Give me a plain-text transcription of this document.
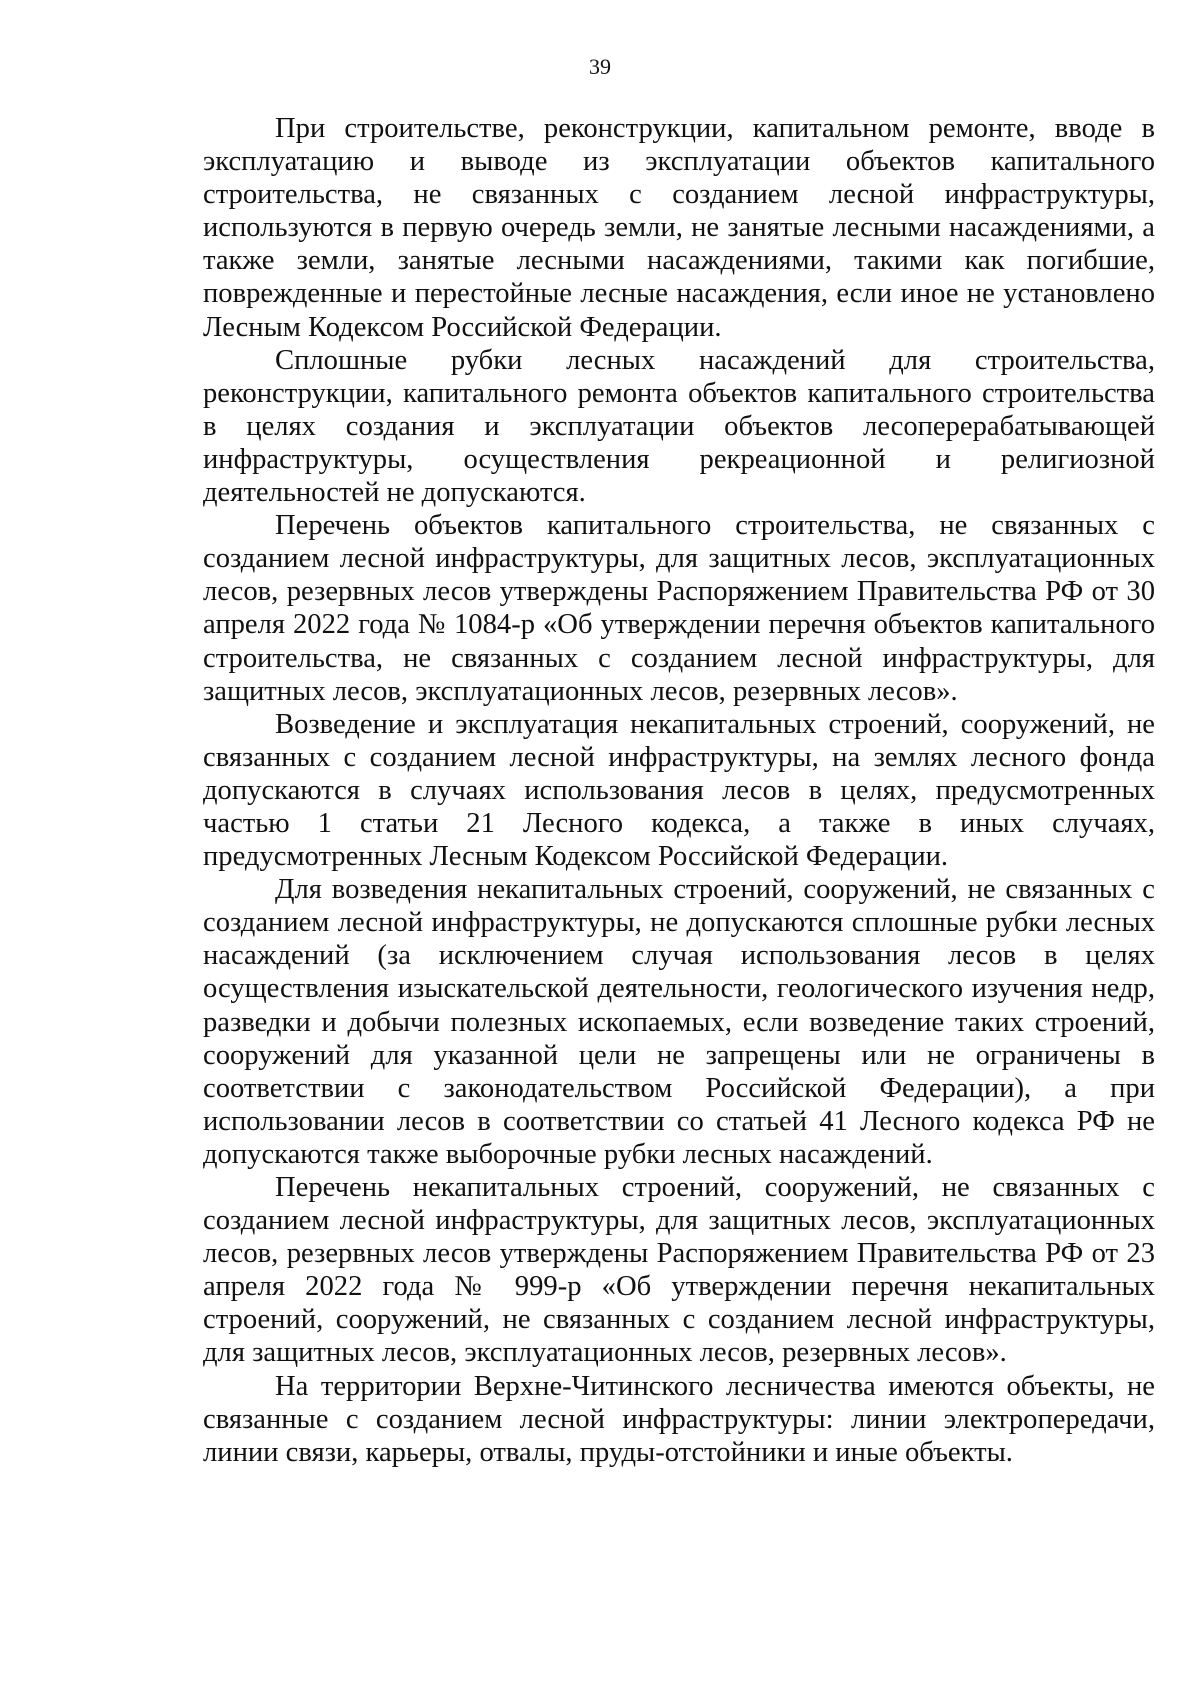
39

При строительстве, реконструкции, капитальном ремонте, вводе в эксплуатацию и выводе из эксплуатации объектов капитального строительства, не связанных с созданием лесной инфраструктуры, используются в первую очередь земли, не занятые лесными насаждениями, а также земли, занятые лесными насаждениями, такими как погибшие, поврежденные и перестойные лесные насаждения, если иное не установлено Лесным Кодексом Российской Федерации.

Сплошные рубки лесных насаждений для строительства, реконструкции, капитального ремонта объектов капитального строительства в целях создания и эксплуатации объектов лесоперерабатывающей инфраструктуры, осуществления рекреационной и религиозной деятельностей не допускаются.

Перечень объектов капитального строительства, не связанных с созданием лесной инфраструктуры, для защитных лесов, эксплуатационных лесов, резервных лесов утверждены Распоряжением Правительства РФ от 30 апреля 2022 года № 1084-р «Об утверждении перечня объектов капитального строительства, не связанных с созданием лесной инфраструктуры, для защитных лесов, эксплуатационных лесов, резервных лесов».

Возведение и эксплуатация некапитальных строений, сооружений, не связанных с созданием лесной инфраструктуры, на землях лесного фонда допускаются в случаях использования лесов в целях, предусмотренных частью 1 статьи 21 Лесного кодекса, а также в иных случаях, предусмотренных Лесным Кодексом Российской Федерации.

Для возведения некапитальных строений, сооружений, не связанных с созданием лесной инфраструктуры, не допускаются сплошные рубки лесных насаждений (за исключением случая использования лесов в целях осуществления изыскательской деятельности, геологического изучения недр, разведки и добычи полезных ископаемых, если возведение таких строений, сооружений для указанной цели не запрещены или не ограничены в соответствии с законодательством Российской Федерации), а при использовании лесов в соответствии со статьей 41 Лесного кодекса РФ не допускаются также выборочные рубки лесных насаждений.

Перечень некапитальных строений, сооружений, не связанных с созданием лесной инфраструктуры, для защитных лесов, эксплуатационных лесов, резервных лесов утверждены Распоряжением Правительства РФ от 23 апреля 2022 года № 999-р «Об утверждении перечня некапитальных строений, сооружений, не связанных с созданием лесной инфраструктуры, для защитных лесов, эксплуатационных лесов, резервных лесов».

На территории Верхне-Читинского лесничества имеются объекты, не связанные с созданием лесной инфраструктуры: линии электропередачи, линии связи, карьеры, отвалы, пруды-отстойники и иные объекты.
